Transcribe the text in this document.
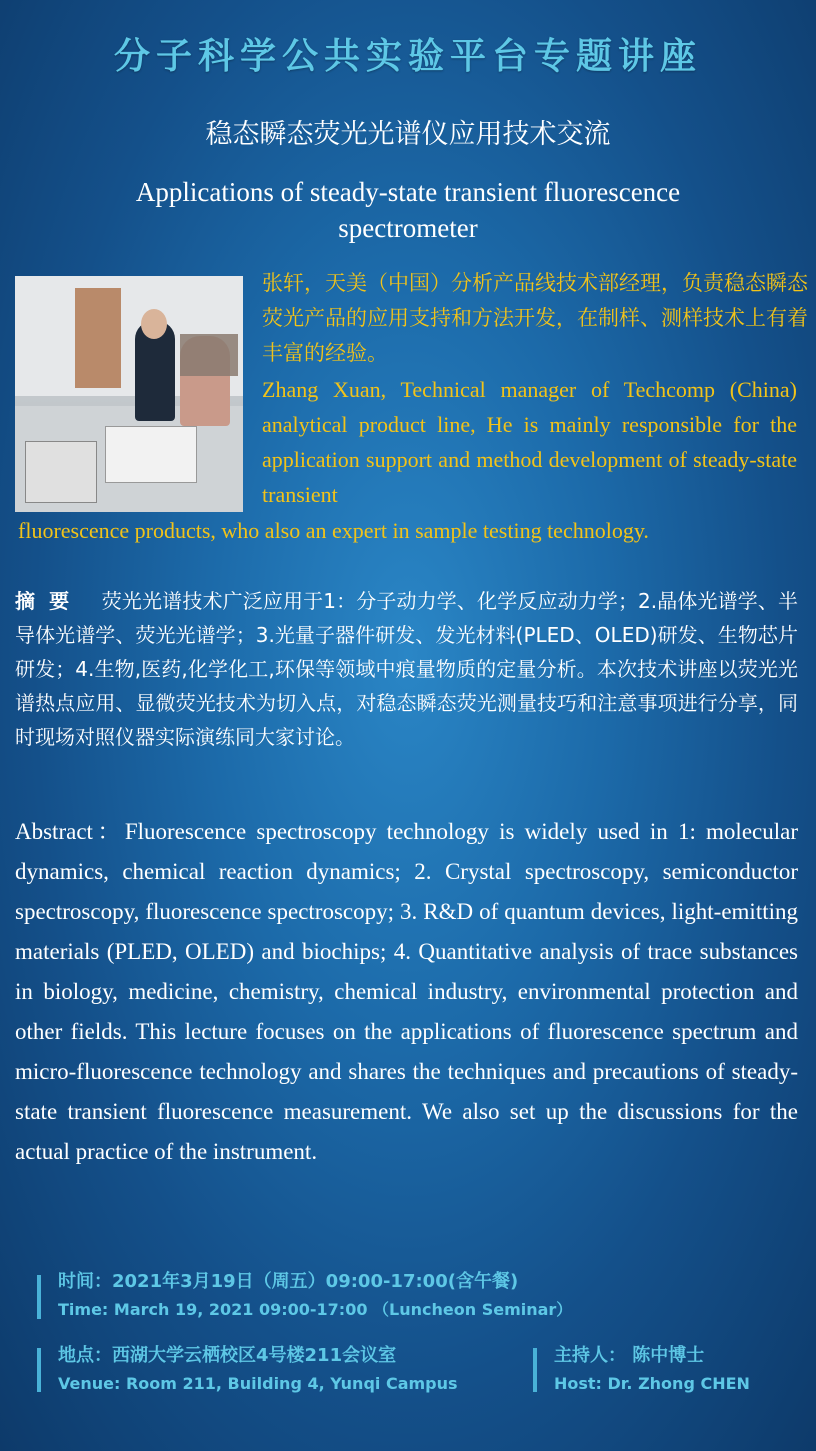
分子科学公共实验平台专题讲座
稳态瞬态荧光光谱仪应用技术交流
Applications of steady-state transient fluorescence spectrometer
张轩，天美（中国）分析产品线技术部经理，负责稳态瞬态荧光产品的应用支持和方法开发，在制样、测样技术上有着丰富的经验。
Zhang Xuan, Technical manager of Techcomp (China) analytical product line, He is mainly responsible for the application support and method development of steady-state transient
fluorescence products, who also an expert in sample testing technology.
摘要 荧光光谱技术广泛应用于1：分子动力学、化学反应动力学；2.晶体光谱学、半导体光谱学、荧光光谱学；3.光量子器件研发、发光材料(PLED、OLED)研发、生物芯片研发；4.生物,医药,化学化工,环保等领域中痕量物质的定量分析。本次技术讲座以荧光光谱热点应用、显微荧光技术为切入点，对稳态瞬态荧光测量技巧和注意事项进行分享，同时现场对照仪器实际演练同大家讨论。
Abstract：Fluorescence spectroscopy technology is widely used in 1: molecular dynamics, chemical reaction dynamics; 2. Crystal spectroscopy, semiconductor spectroscopy, fluorescence spectroscopy; 3. R&D of quantum devices, light-emitting materials (PLED, OLED) and biochips; 4. Quantitative analysis of trace substances in biology, medicine, chemistry, chemical industry, environmental protection and other fields. This lecture focuses on the applications of fluorescence spectrum and micro-fluorescence technology and shares the techniques and precautions of steady-state transient fluorescence measurement. We also set up the discussions for the actual practice of the instrument.
时间：2021年3月19日（周五）09:00-17:00(含午餐)
Time: March 19, 2021 09:00-17:00 （Luncheon Seminar）
地点：西湖大学云栖校区4号楼211会议室
Venue: Room 211, Building 4, Yunqi Campus
主持人： 陈中博士
Host: Dr. Zhong CHEN
